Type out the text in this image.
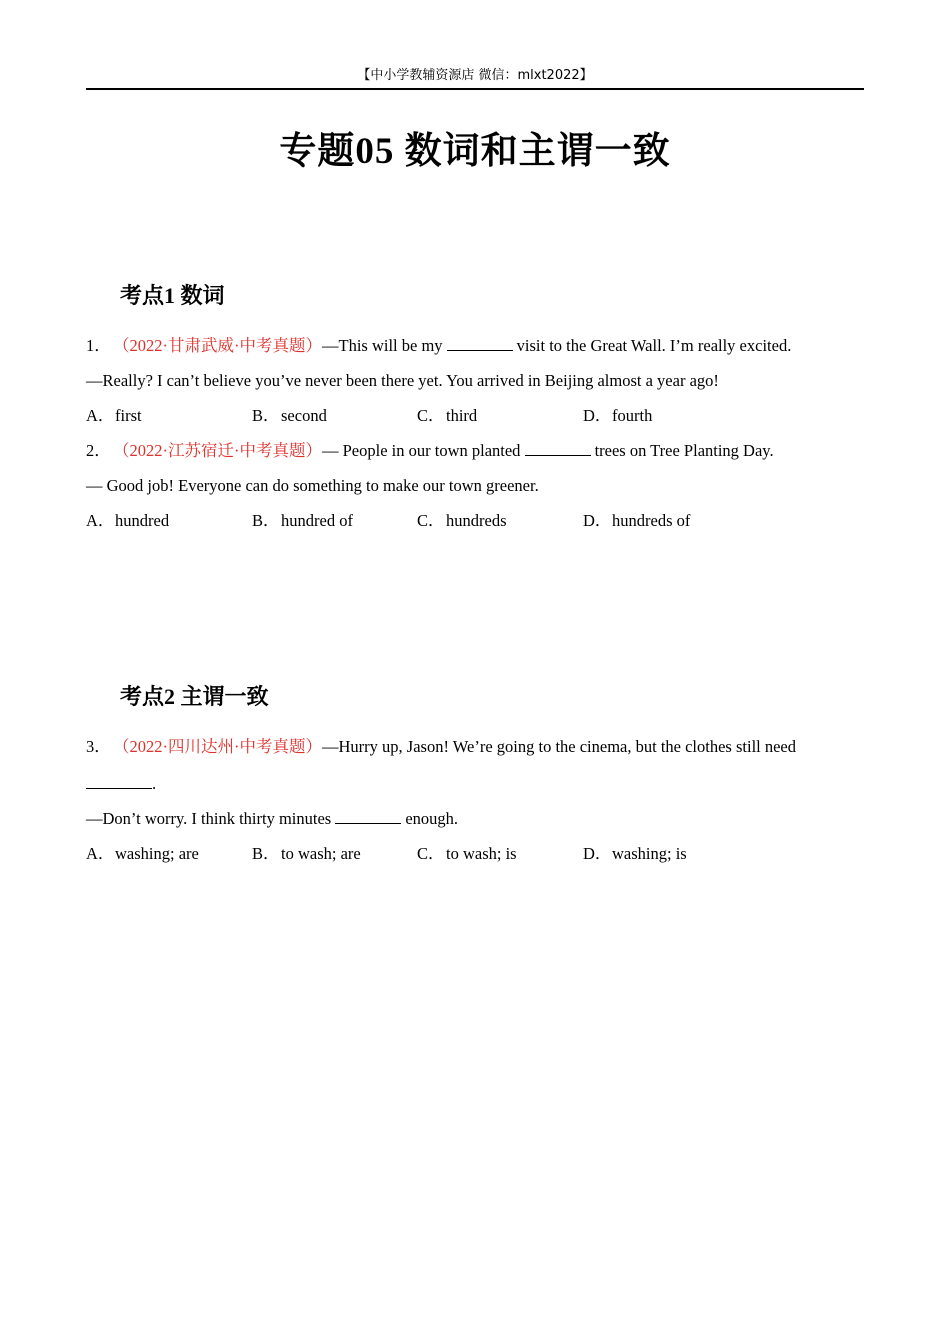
【中小学教辅资源店 微信：mlxt2022】
专题05 数词和主谓一致
考点1 数词
1． （2022·甘肃武威·中考真题）—This will be my	visit to the Great Wall. I’m really excited.
—Really? I can’t believe you’ve never been there yet. You arrived in Beijing almost a year ago!
A．first	B．second	C．third	D．fourth
2． （2022·江苏宿迁·中考真题）— People in our town planted	trees on Tree Planting Day.
— Good job! Everyone can do something to make our town greener.
A．hundred	B．hundred of	C．hundreds	D．hundreds of
考点2 主谓一致
3． （2022·四川达州·中考真题）—Hurry up, Jason! We’re going to the cinema, but the clothes still need
.
—Don’t worry. I think thirty minutes	enough.
A．washing; are	B．to wash; are	C．to wash; is	D．washing; is
